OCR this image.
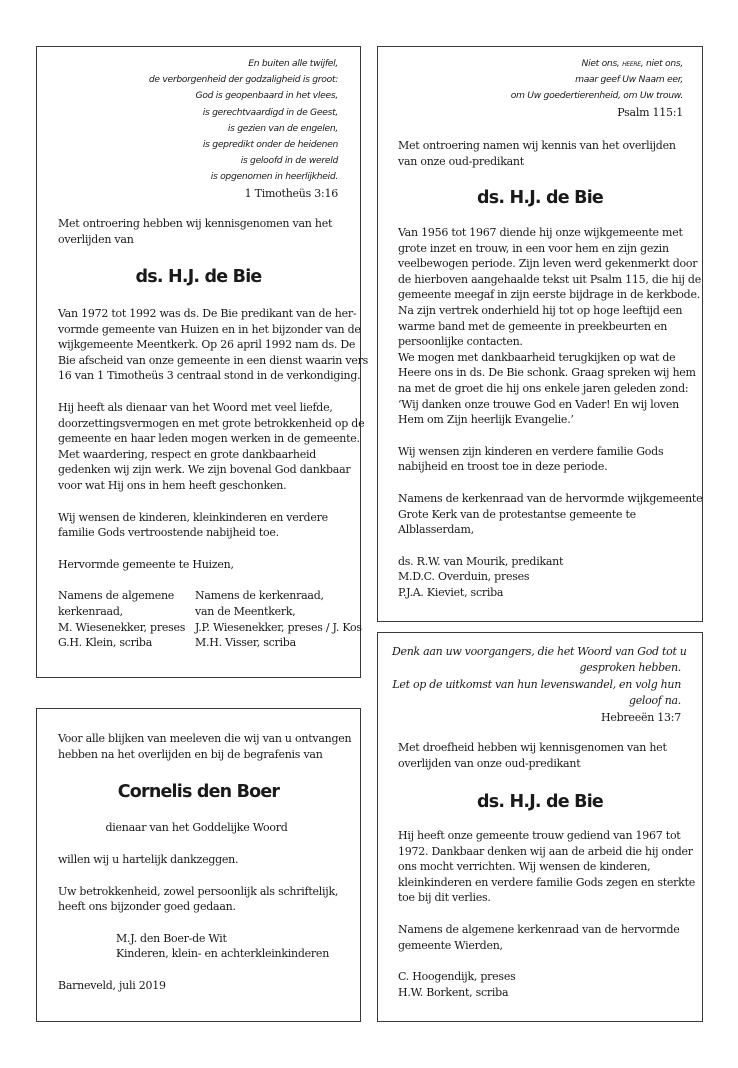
En buiten alle twijfel,
de verborgenheid der godzaligheid is groot:
God is geopenbaard in het vlees,
is gerechtvaardigd in de Geest,
is gezien van de engelen,
is gepredikt onder de heidenen
is geloofd in de wereld
is opgenomen in heerlijkheid.
1 Timotheüs 3:16
Met ontroering hebben wij kennisgenomen van het
overlijden van
ds. H.J. de Bie
Van 1972 tot 1992 was ds. De Bie predikant van de her-
vormde gemeente van Huizen en in het bijzonder van de
wijkgemeente Meentkerk. Op 26 april 1992 nam ds. De
Bie afscheid van onze gemeente in een dienst waarin vers
16 van 1 Timotheüs 3 centraal stond in de verkondiging.
Hij heeft als dienaar van het Woord met veel liefde,
doorzettingsvermogen en met grote betrokkenheid op de
gemeente en haar leden mogen werken in de gemeente.
Met waardering, respect en grote dankbaarheid
gedenken wij zijn werk. We zijn bovenal God dankbaar
voor wat Hij ons in hem heeft geschonken.
Wij wensen de kinderen, kleinkinderen en verdere
familie Gods vertroostende nabijheid toe.
Hervormde gemeente te Huizen,
Namens de algemene
kerkenraad,
M. Wiesenekker, preses
G.H. Klein, scriba
Namens de kerkenraad,
van de Meentkerk,
J.P. Wiesenekker, preses / J. Kos
M.H. Visser, scriba
Niet ons, heere, niet ons,
maar geef Uw Naam eer,
om Uw goedertierenheid, om Uw trouw.
Psalm 115:1
Met ontroering namen wij kennis van het overlijden
van onze oud-predikant
ds. H.J. de Bie
Van 1956 tot 1967 diende hij onze wijkgemeente met
grote inzet en trouw, in een voor hem en zijn gezin
veelbewogen periode. Zijn leven werd gekenmerkt door
de hierboven aangehaalde tekst uit Psalm 115, die hij de
gemeente meegaf in zijn eerste bijdrage in de kerkbode.
Na zijn vertrek onderhield hij tot op hoge leeftijd een
warme band met de gemeente in preekbeurten en
persoonlijke contacten.
We mogen met dankbaarheid terugkijken op wat de
Heere ons in ds. De Bie schonk. Graag spreken wij hem
na met de groet die hij ons enkele jaren geleden zond:
‘Wij danken onze trouwe God en Vader! En wij loven
Hem om Zijn heerlijk Evangelie.’
Wij wensen zijn kinderen en verdere familie Gods
nabijheid en troost toe in deze periode.
Namens de kerkenraad van de hervormde wijkgemeente
Grote Kerk van de protestantse gemeente te
Alblasserdam,
ds. R.W. van Mourik, predikant
M.D.C. Overduin, preses
P.J.A. Kieviet, scriba
Voor alle blijken van meeleven die wij van u ontvangen
hebben na het overlijden en bij de begrafenis van
Cornelis den Boer
dienaar van het Goddelijke Woord
willen wij u hartelijk dankzeggen.
Uw betrokkenheid, zowel persoonlijk als schriftelijk,
heeft ons bijzonder goed gedaan.
M.J. den Boer-de Wit
Kinderen, klein- en achterkleinkinderen
Barneveld, juli 2019
Denk aan uw voorgangers, die het Woord van God tot u
gesproken hebben.
Let op de uitkomst van hun levenswandel, en volg hun
geloof na.
Hebreeën 13:7
Met droefheid hebben wij kennisgenomen van het
overlijden van onze oud-predikant
ds. H.J. de Bie
Hij heeft onze gemeente trouw gediend van 1967 tot
1972. Dankbaar denken wij aan de arbeid die hij onder
ons mocht verrichten. Wij wensen de kinderen,
kleinkinderen en verdere familie Gods zegen en sterkte
toe bij dit verlies.
Namens de algemene kerkenraad van de hervormde
gemeente Wierden,
C. Hoogendijk, preses
H.W. Borkent, scriba
